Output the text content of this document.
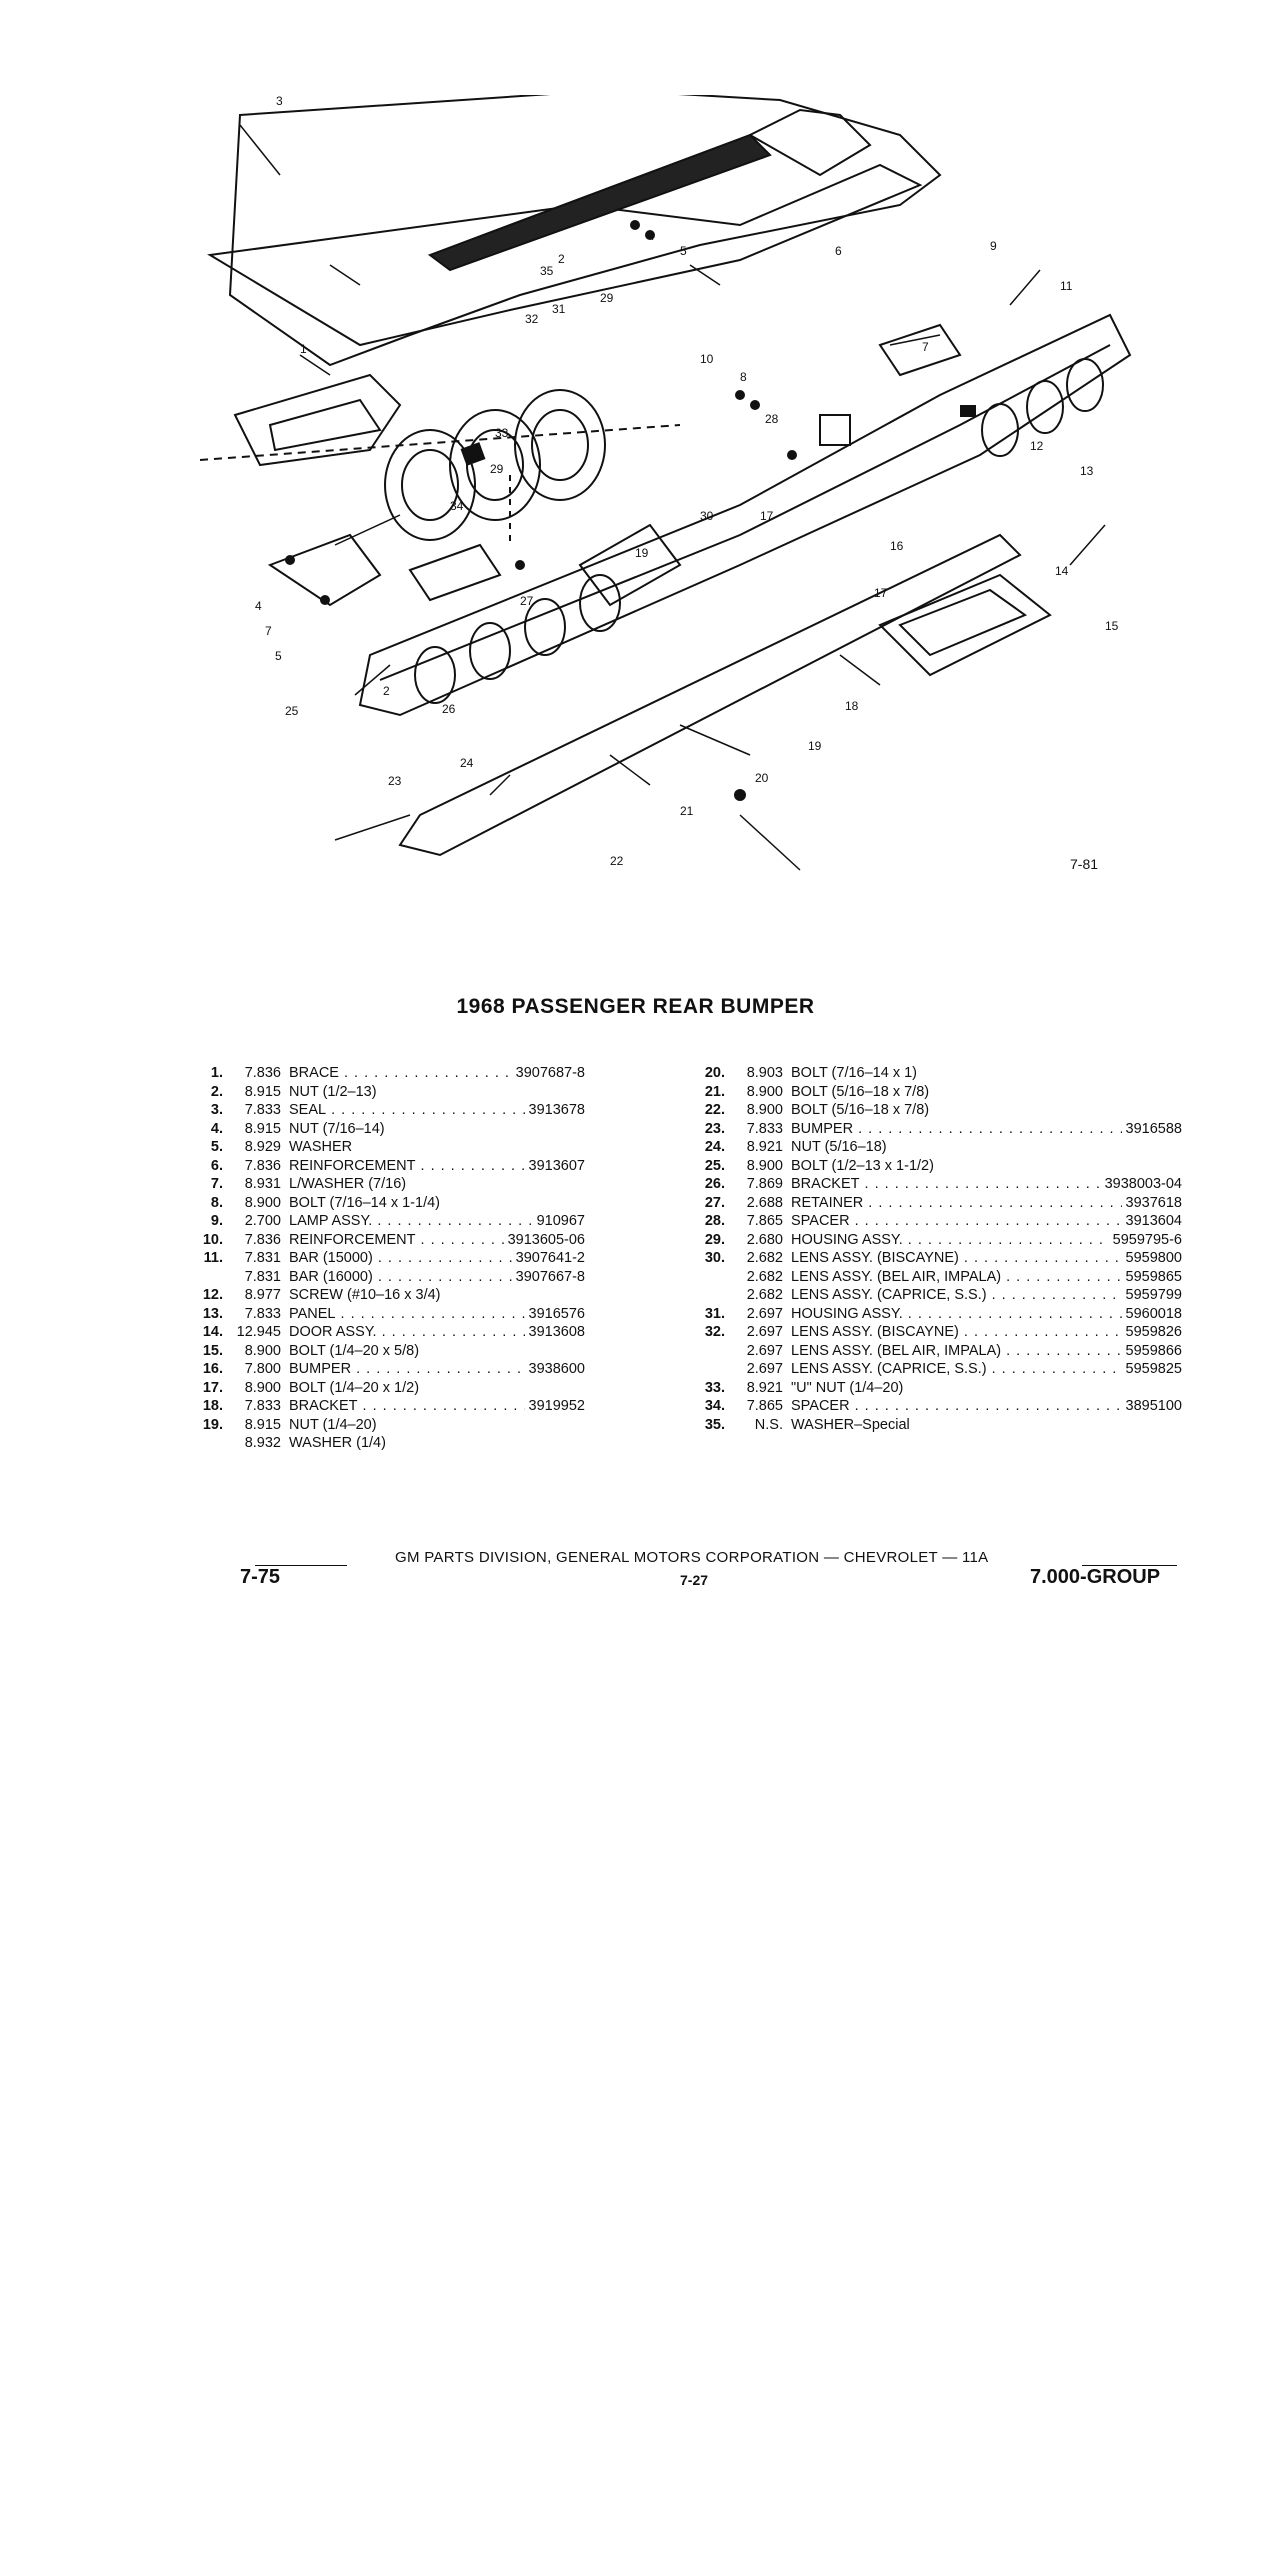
3
35
2
4
5	6	9
11
1
10
7
8
32
31
29
33
29
28
12
13
34
30	17
19	16
14
15
27
17
4
7
5
25
2
26	18
19
20
24
23
21
22	7-81
1968 PASSENGER REAR BUMPER
1.	7.836 BRACE . . .	3907687-8
2.	8.915 NUT (1/2–13)
3.	7.833 SEAL . . .	3913678
4.	8.915 NUT (7/16–14)
5.	8.929 WASHER
6.	7.836 REINFORCEMENT . . .	3913607
7.	8.931 L/WASHER (7/16)
8.	8.900 BOLT (7/16–14 x 1-1/4)
9.	2.700 LAMP ASSY. . . .	910967
10.	7.836 REINFORCEMENT . . .	3913605-06
11.	7.831 BAR (15000) . . .	3907641-2
7.831 BAR (16000) . . .	3907667-8
12.	8.977 SCREW (#10–16 x 3/4)
13.	7.833 PANEL . . .	3916576
14. 12.945 DOOR ASSY. . . .	3913608
15.	8.900 BOLT (1/4–20 x 5/8)
16.	7.800 BUMPER . . .	3938600
17.	8.900 BOLT (1/4–20 x 1/2)
18.	7.833 BRACKET . . .	3919952
19.	8.915 NUT (1/4–20)
8.932 WASHER (1/4)
20.	8.903 BOLT (7/16–14 x 1)
21.	8.900 BOLT (5/16–18 x 7/8)
22.	8.900 BOLT (5/16–18 x 7/8)
23.	7.833 BUMPER . . .	3916588
24.	8.921 NUT (5/16–18)
25.	8.900 BOLT (1/2–13 x 1-1/2)
26.	7.869 BRACKET . . .	3938003-04
27.	2.688 RETAINER . . .	3937618
28.	7.865 SPACER . . .	3913604
29.	2.680 HOUSING ASSY. . . .	5959795-6
30.	2.682 LENS ASSY. (BISCAYNE) . . .	5959800
2.682 LENS ASSY. (BEL AIR, IMPALA) . . .	5959865
2.682 LENS ASSY. (CAPRICE, S.S.) . . .	5959799
31.	2.697 HOUSING ASSY. . . .	5960018
32.	2.697 LENS ASSY. (BISCAYNE) . . .	5959826
2.697 LENS ASSY. (BEL AIR, IMPALA) . . .	5959866
2.697 LENS ASSY. (CAPRICE, S.S.) . . .	5959825
33.	8.921 "U" NUT (1/4–20)
34.	7.865 SPACER . . .	3895100
35.	N.S. WASHER–Special
GM PARTS DIVISION, GENERAL MOTORS CORPORATION — CHEVROLET — 11A
7-75	7-27	7.000-GROUP
